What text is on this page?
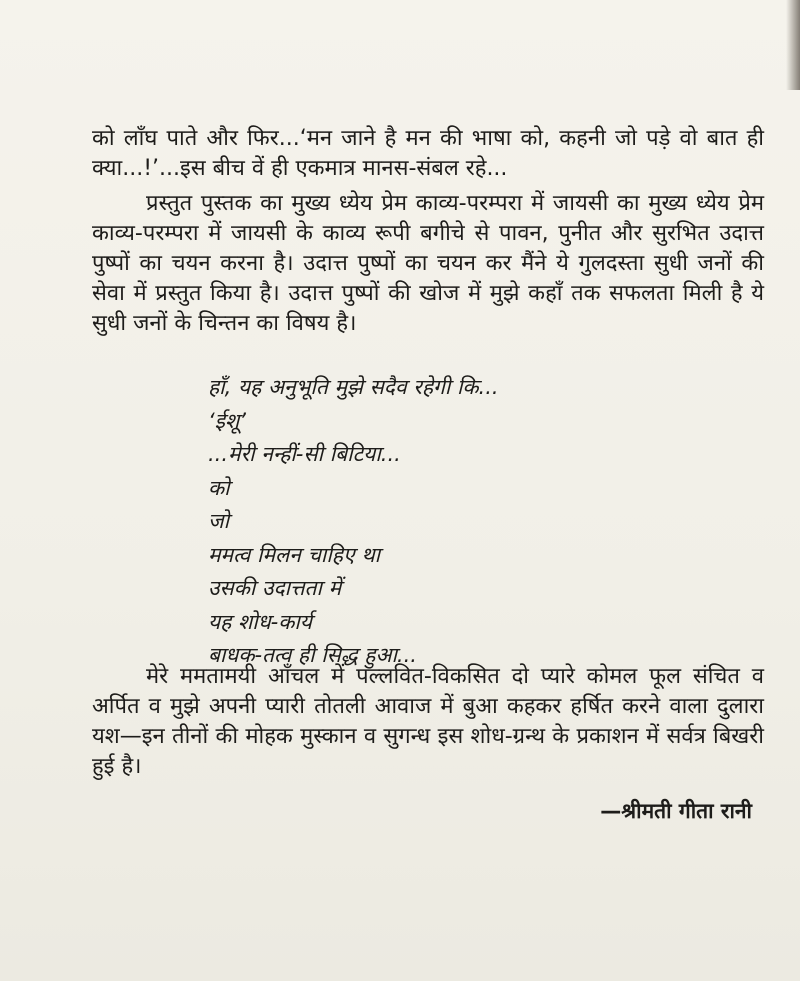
को लाँघ पाते और फिर...‘मन जाने है मन की भाषा को, कहनी जो पड़े वो बात ही क्या...!’...इस बीच वें ही एकमात्र मानस-संबल रहे...

प्रस्तुत पुस्तक का मुख्य ध्येय प्रेम काव्य-परम्परा में जायसी का मुख्य ध्येय प्रेम काव्य-परम्परा में जायसी के काव्य रूपी बगीचे से पावन, पुनीत और सुरभित उदात्त पुष्पों का चयन करना है। उदात्त पुष्पों का चयन कर मैंने ये गुलदस्ता सुधी जनों की सेवा में प्रस्तुत किया है। उदात्त पुष्पों की खोज में मुझे कहाँ तक सफलता मिली है ये सुधी जनों के चिन्तन का विषय है।

हाँ, यह अनुभूति मुझे सदैव रहेगी कि...
‘ईशू’
...मेरी नन्हीं-सी बिटिया...
को
जो
ममत्व मिलन चाहिए था
उसकी उदात्तता में
यह शोध-कार्य
बाधक-तत्व ही सिद्ध हुआ...

मेरे ममतामयी आँचल में पल्लवित-विकसित दो प्यारे कोमल फूल संचित व अर्पित व मुझे अपनी प्यारी तोतली आवाज में बुआ कहकर हर्षित करने वाला दुलारा यश—इन तीनों की मोहक मुस्कान व सुगन्ध इस शोध-ग्रन्थ के प्रकाशन में सर्वत्र बिखरी हुई है।

—श्रीमती गीता रानी
